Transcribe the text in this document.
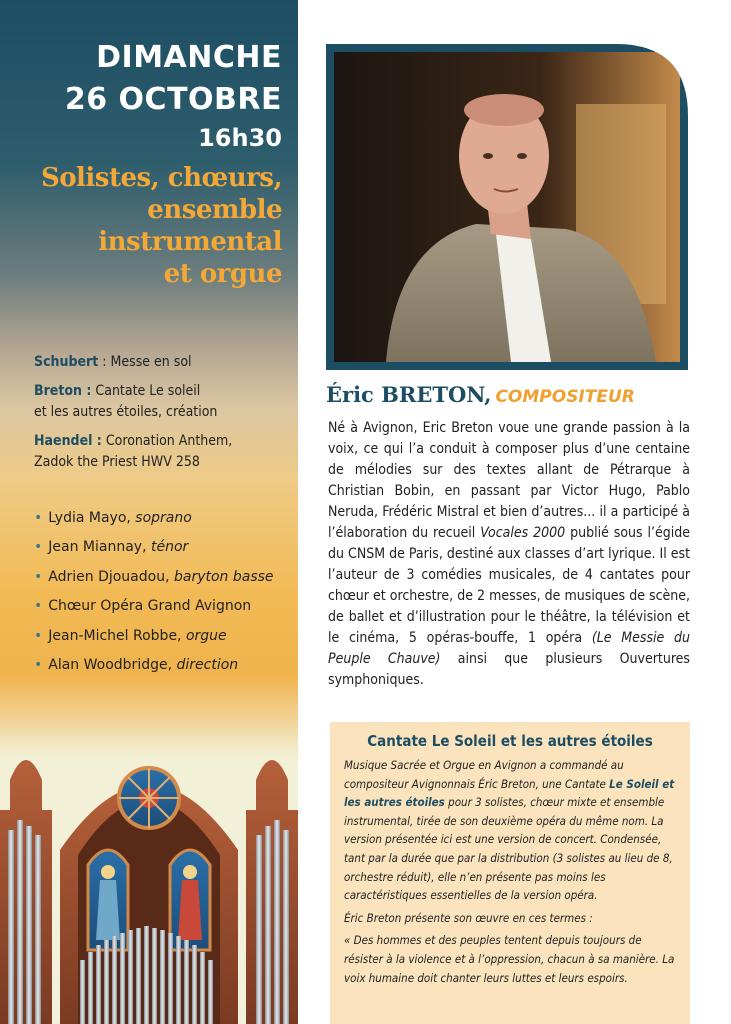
DIMANCHE
26 OCTOBRE
16h30
Solistes, chœurs,
ensemble
instrumental
et orgue
Schubert : Messe en sol
Breton : Cantate Le soleil
et les autres étoiles, création
Haendel : Coronation Anthem,
Zadok the Priest HWV 258
• Lydia Mayo, soprano
• Jean Miannay, ténor
• Adrien Djouadou, baryton basse
• Chœur Opéra Grand Avignon
• Jean-Michel Robbe, orgue
• Alan Woodbridge, direction
Éric BRETON, COMPOSITEUR
Né à Avignon, Eric Breton voue une grande passion à la voix, ce qui l’a conduit à composer plus d’une centaine de mélodies sur des textes allant de Pétrarque à Christian Bobin, en passant par Victor Hugo, Pablo Neruda, Frédéric Mistral et bien d’autres... il a participé à l’élaboration du recueil Vocales 2000 publié sous l’égide du CNSM de Paris, destiné aux classes d’art lyrique. Il est l’auteur de 3 comédies musicales, de 4 cantates pour chœur et orchestre, de 2 messes, de musiques de scène, de ballet et d’illustration pour le théâtre, la télévision et le cinéma, 5 opéras-bouffe, 1 opéra (Le Messie du Peuple Chauve) ainsi que plusieurs Ouvertures symphoniques.
Cantate Le Soleil et les autres étoiles

Musique Sacrée et Orgue en Avignon a commandé au compositeur Avignonnais Éric Breton, une Cantate Le Soleil et les autres étoiles pour 3 solistes, chœur mixte et ensemble instrumental, tirée de son deuxième opéra du même nom. La version présentée ici est une version de concert. Condensée, tant par la durée que par la distribution (3 solistes au lieu de 8, orchestre réduit), elle n’en présente pas moins les caractéristiques essentielles de la version opéra.

Éric Breton présente son œuvre en ces termes :

« Des hommes et des peuples tentent depuis toujours de résister à la violence et à l’oppression, chacun à sa manière. La voix humaine doit chanter leurs luttes et leurs espoirs.
